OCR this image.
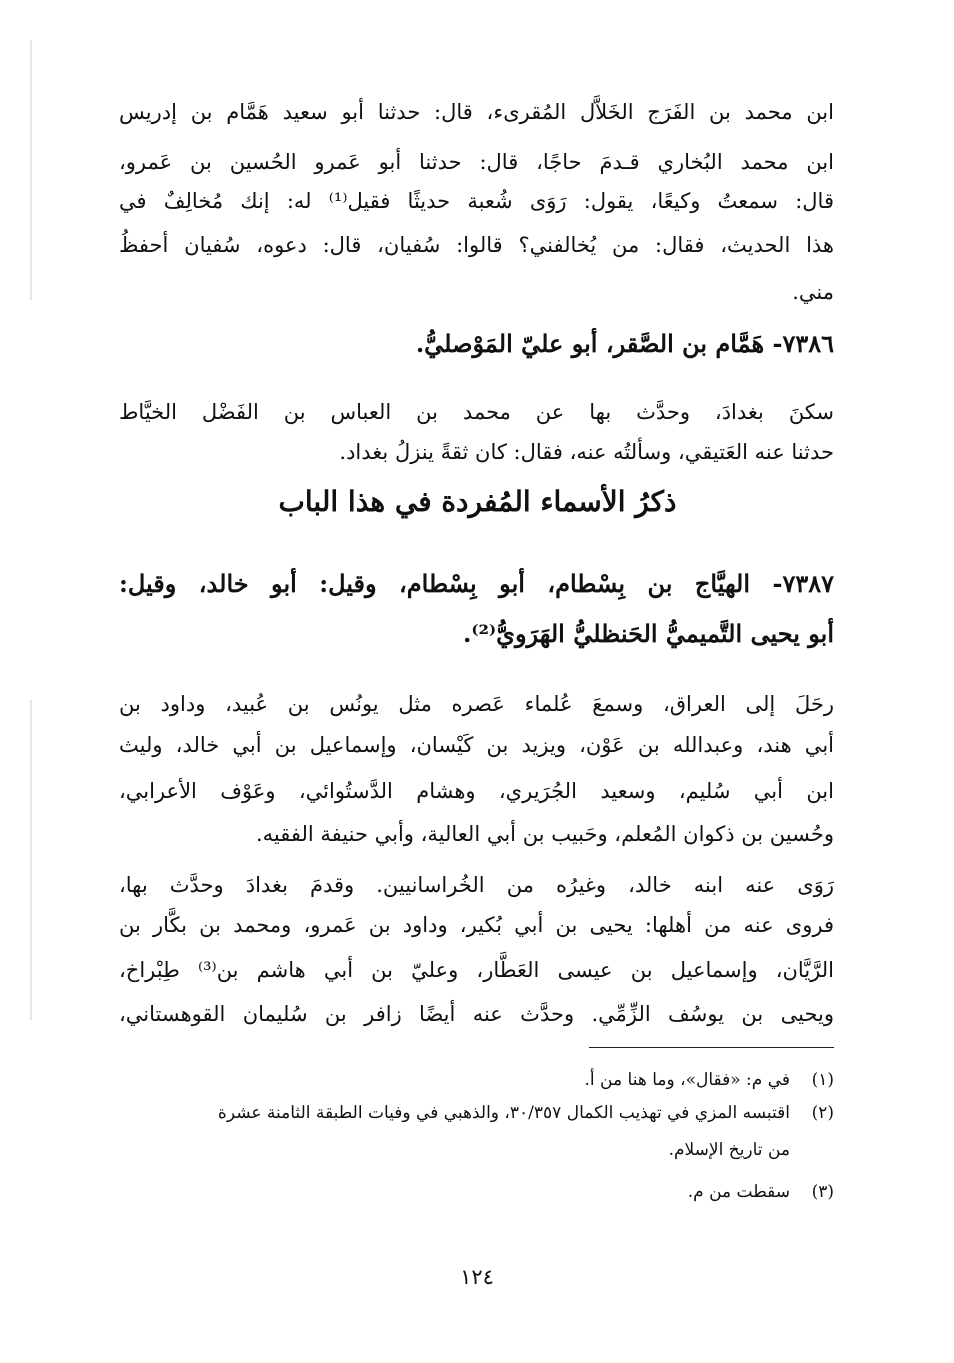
ابن محمد بن الفَرَج الخَلاَّل المُقرىء، قال: حدثنا أبو سعيد هَمَّام بن إدريس
ابن محمد البُخاري قـدمَ حاجًا، قال: حدثنا أبو عَمرو الحُسين بن عَمرو،
قال: سمعتُ وكيعًا، يقول: رَوَى شُعبة حديثًا فقيل⁽¹⁾ له: إنك مُخالِفٌ في
هذا الحديث، فقال: من يُخالفني؟ قالوا: سُفيان، قال: دعوه، سُفيان أحفظُ
مني.
٧٣٨٦- هَمَّام بن الصَّقر، أبو عليّ المَوْصليُّ.
سكنَ بغدادَ، وحدَّث بها عن محمد بن العباس بن الفَضْل الخيَّاط
حدثنا عنه العَتيقي، وسألتُه عنه، فقال: كان ثقةً ينزلُ بغداد.
ذكرُ الأسماء المُفردة في هذا الباب
٧٣٨٧- الهيَّاج بن بِسْطام، أبو بِسْطام، وقيل: أبو خالد، وقيل:
أبو يحيى التَّميميُّ الحَنظليُّ الهَرَويُّ⁽²⁾.
رحَلَ إلى العراق، وسمعَ عُلماء عَصره مثل يونُس بن عُبيد، وداود بن
أبي هند، وعبدالله بن عَوْن، ويزيد بن كَيْسان، وإسماعيل بن أبي خالد، وليث
ابن أبي سُليم، وسعيد الجُرَيري، وهشام الدَّستُوائي، وعَوْف الأعرابي،
وحُسين بن ذكوان المُعلم، وحَبيب بن أبي العالية، وأبي حنيفة الفقيه.
رَوَى عنه ابنه خالد، وغيرُه من الخُراسانيين. وقدمَ بغدادَ وحدَّث بها،
فروى عنه من أهلها: يحيى بن أبي بُكير، وداود بن عَمرو، ومحمد بن بكَّار بن
الرَّيَّان، وإسماعيل بن عيسى العَطَّار، وعليّ بن أبي هاشم بن⁽³⁾ طِبْراخ،
ويحيى بن يوسُف الزِّمِّي. وحدَّث عنه أيضًا زافر بن سُليمان القوهستاني،
(١)في م: «فقال»، وما هنا من أ.
(٢)اقتبسه المزي في تهذيب الكمال ٣٠/٣٥٧، والذهبي في وفيات الطبقة الثامنة عشرة
من تاريخ الإسلام.
(٣)سقطت من م.
١٢٤
